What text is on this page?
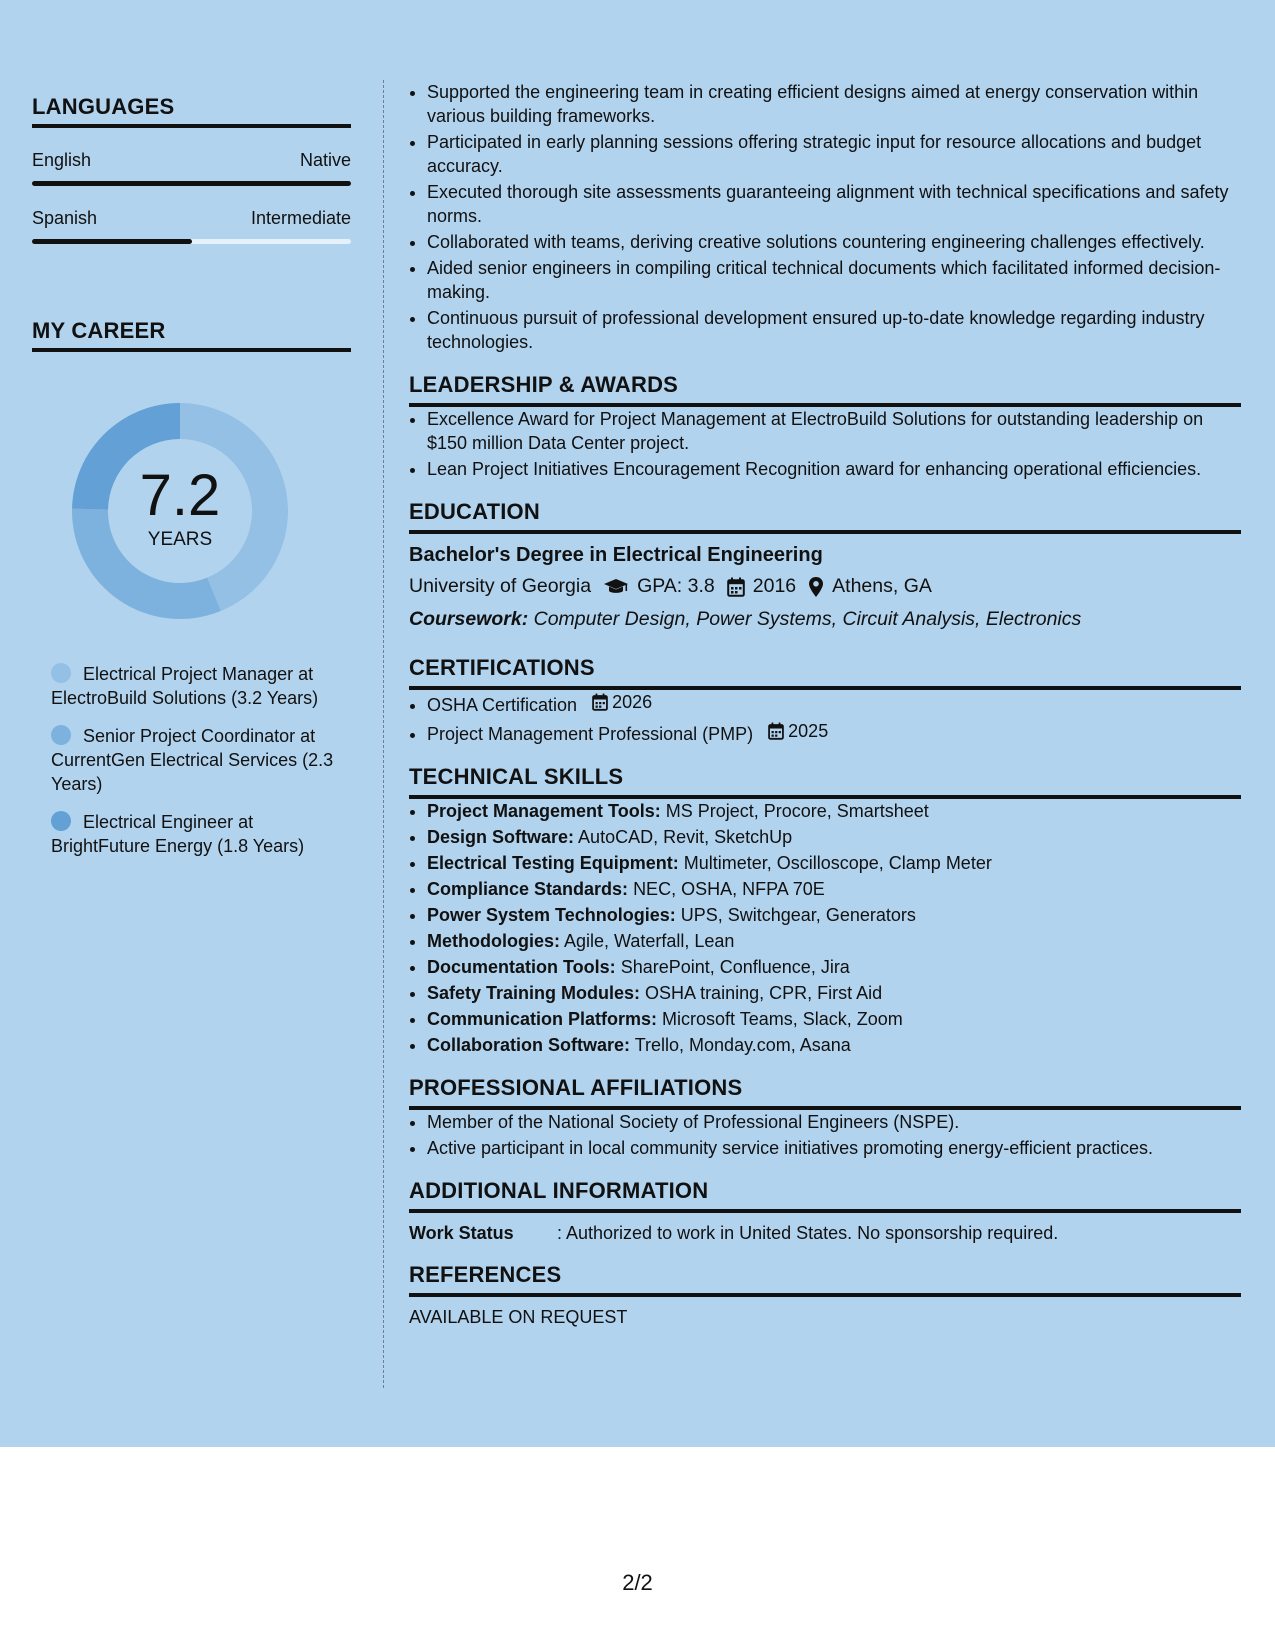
LANGUAGES
English	Native
Spanish	Intermediate
MY CAREER
7.2
YEARS
Electrical Project Manager at ElectroBuild Solutions (3.2 Years)
Senior Project Coordinator at CurrentGen Electrical Services (2.3 Years)
Electrical Engineer at BrightFuture Energy (1.8 Years)
• Supported the engineering team in creating efficient designs aimed at energy conservation within various building frameworks.
• Participated in early planning sessions offering strategic input for resource allocations and budget accuracy.
• Executed thorough site assessments guaranteeing alignment with technical specifications and safety norms.
• Collaborated with teams, deriving creative solutions countering engineering challenges effectively.
• Aided senior engineers in compiling critical technical documents which facilitated informed decision-making.
• Continuous pursuit of professional development ensured up-to-date knowledge regarding industry technologies.
LEADERSHIP & AWARDS
• Excellence Award for Project Management at ElectroBuild Solutions for outstanding leadership on $150 million Data Center project.
• Lean Project Initiatives Encouragement Recognition award for enhancing operational efficiencies.
EDUCATION
Bachelor's Degree in Electrical Engineering
University of Georgia GPA: 3.8 2016 Athens, GA
Coursework: Computer Design, Power Systems, Circuit Analysis, Electronics
CERTIFICATIONS
• OSHA Certification 2026
• Project Management Professional (PMP) 2025
TECHNICAL SKILLS
• Project Management Tools: MS Project, Procore, Smartsheet
• Design Software: AutoCAD, Revit, SketchUp
• Electrical Testing Equipment: Multimeter, Oscilloscope, Clamp Meter
• Compliance Standards: NEC, OSHA, NFPA 70E
• Power System Technologies: UPS, Switchgear, Generators
• Methodologies: Agile, Waterfall, Lean
• Documentation Tools: SharePoint, Confluence, Jira
• Safety Training Modules: OSHA training, CPR, First Aid
• Communication Platforms: Microsoft Teams, Slack, Zoom
• Collaboration Software: Trello, Monday.com, Asana
PROFESSIONAL AFFILIATIONS
• Member of the National Society of Professional Engineers (NSPE).
• Active participant in local community service initiatives promoting energy-efficient practices.
ADDITIONAL INFORMATION
Work Status	: Authorized to work in United States. No sponsorship required.
REFERENCES
AVAILABLE ON REQUEST
2/2
